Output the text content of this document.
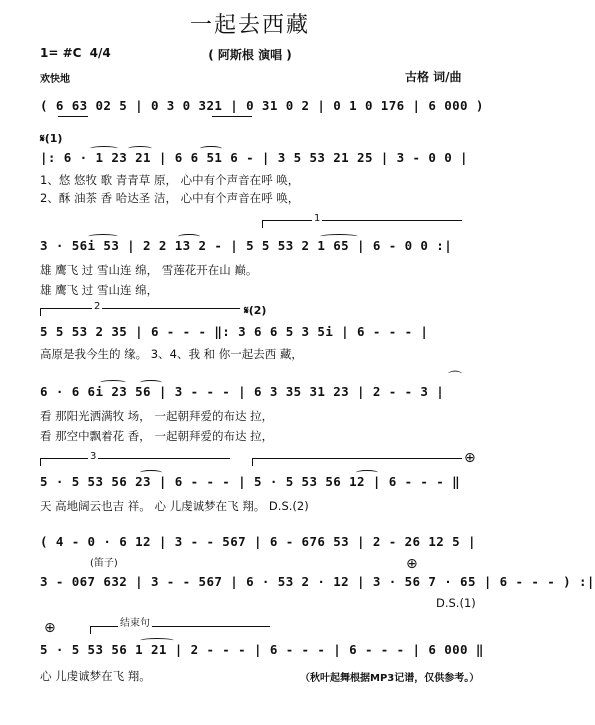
一起去西藏
( 阿斯根 演唱 )
1= #C 4/4
欢快地	古格 词/曲
( 6 63 02 5 | 0 3 0 321 | 0 31 0 2 | 0 1 0 176 | 6 000 )
𝄋(1)
|: 6 · 1 23 21 | 6 6 51 6 - | 3 5 53 21 25 | 3 - 0 0 |
1、悠 悠牧 歌 青青草 原， 心中有个声音在呼 唤，
2、酥 油茶 香 哈达圣 洁， 心中有个声音在呼 唤，
1
3 · 56i 53 | 2 2 13 2 - | 5 5 53 2 1 65 | 6 - 0 0 :|
雄 鹰飞 过 雪山连 绵， 雪莲花开在山 巅。
雄 鹰飞 过 雪山连 绵，
2	𝄋(2)
5 5 53 2 35 | 6 - - - ‖: 3 6 6 5 3 5i | 6 - - - |
高原是我今生的 缘。 3、4、我 和 你一起去西 藏，
6 · 6 6i 23 56 | 3 - - - | 6 3 35 31 23 | 2 - - 3 |
⌒
看 那阳光洒满牧 场， 一起朝拜爱的布达 拉，
看 那空中飘着花 香， 一起朝拜爱的布达 拉，
3	⊕
5 · 5 53 56 23 | 6 - - - | 5 · 5 53 56 12 | 6 - - - ‖
天 高地阔云也吉 祥。 心 儿虔诚梦在飞 翔。 D.S.(2)
( 4 - 0 · 6 12 | 3 - - 567 | 6 - 676 53 | 2 - 26 12 5 |
(笛子)
3 - 067 632 | 3 - - 567 | 6 · 53 2 · 12 | 3 · 56 7 · 65 | 6 - - - ) :|
⊕
D.S.(1)
结束句
⊕
5 · 5 53 56 1 21 | 2 - - - | 6 - - - | 6 - - - | 6 000 ‖
心 儿虔诚梦在飞 翔。	（秋叶起舞根据MP3记谱，仅供参考。）
